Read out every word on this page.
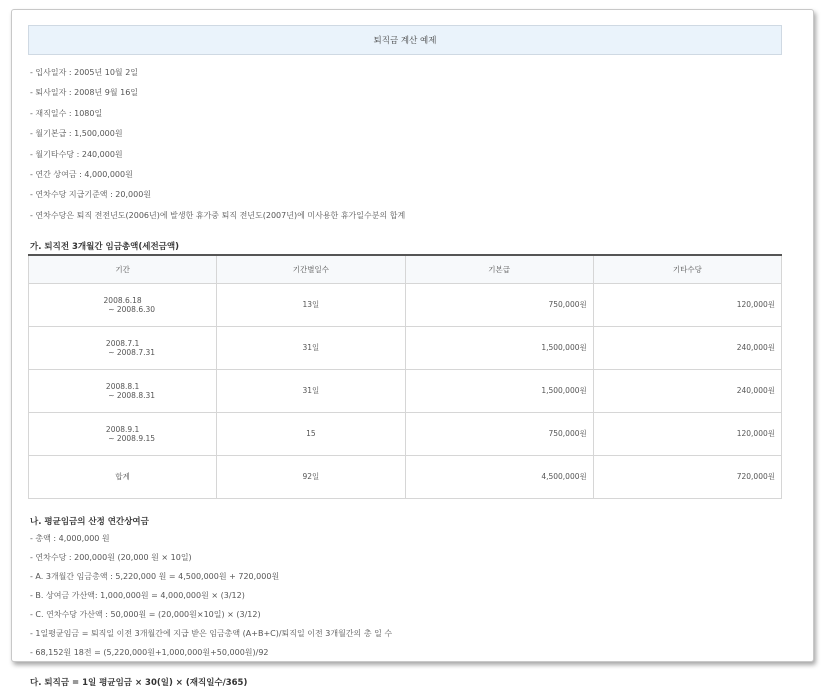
퇴직금 계산 예제
- 입사일자 : 2005년 10월 2일
- 퇴사일자 : 2008년 9월 16일
- 재직일수 : 1080일
- 월기본급 : 1,500,000원
- 월기타수당 : 240,000원
- 연간 상여금 : 4,000,000원
- 연차수당 지급기준액 : 20,000원
- 연차수당은 퇴직 전전년도(2006년)에 발생한 휴가중 퇴직 전년도(2007년)에 미사용한 휴가일수분의 합계
가. 퇴직전 3개월간 임금총액(세전금액)
기간	기간별일수	기본급	기타수당

2008.6.18
~ 2008.6.30	13일	750,000원	120,000원

2008.7.1
~ 2008.7.31	31일	1,500,000원	240,000원

2008.8.1
~ 2008.8.31	31일	1,500,000원	240,000원

2008.9.1
~ 2008.9.15	15	750,000원	120,000원
합계	92일	4,500,000원	720,000원
나. 평균임금의 산정 연간상여금
- 총액 : 4,000,000 원
- 연차수당 : 200,000원 (20,000 원 × 10일)
- A. 3개월간 임금총액 : 5,220,000 원 = 4,500,000원 + 720,000원
- B. 상여금 가산액: 1,000,000원 = 4,000,000원 × (3/12)
- C. 연차수당 가산액 : 50,000원 = (20,000원×10일) × (3/12)
- 1일평균임금 = 퇴직일 이전 3개월간에 지급 받은 임금총액 (A+B+C)/퇴직일 이전 3개월간의 총 일 수
- 68,152원 18전 = (5,220,000원+1,000,000원+50,000원)/92
다. 퇴직금 = 1일 평균임금 × 30(일) × (재직일수/365)
